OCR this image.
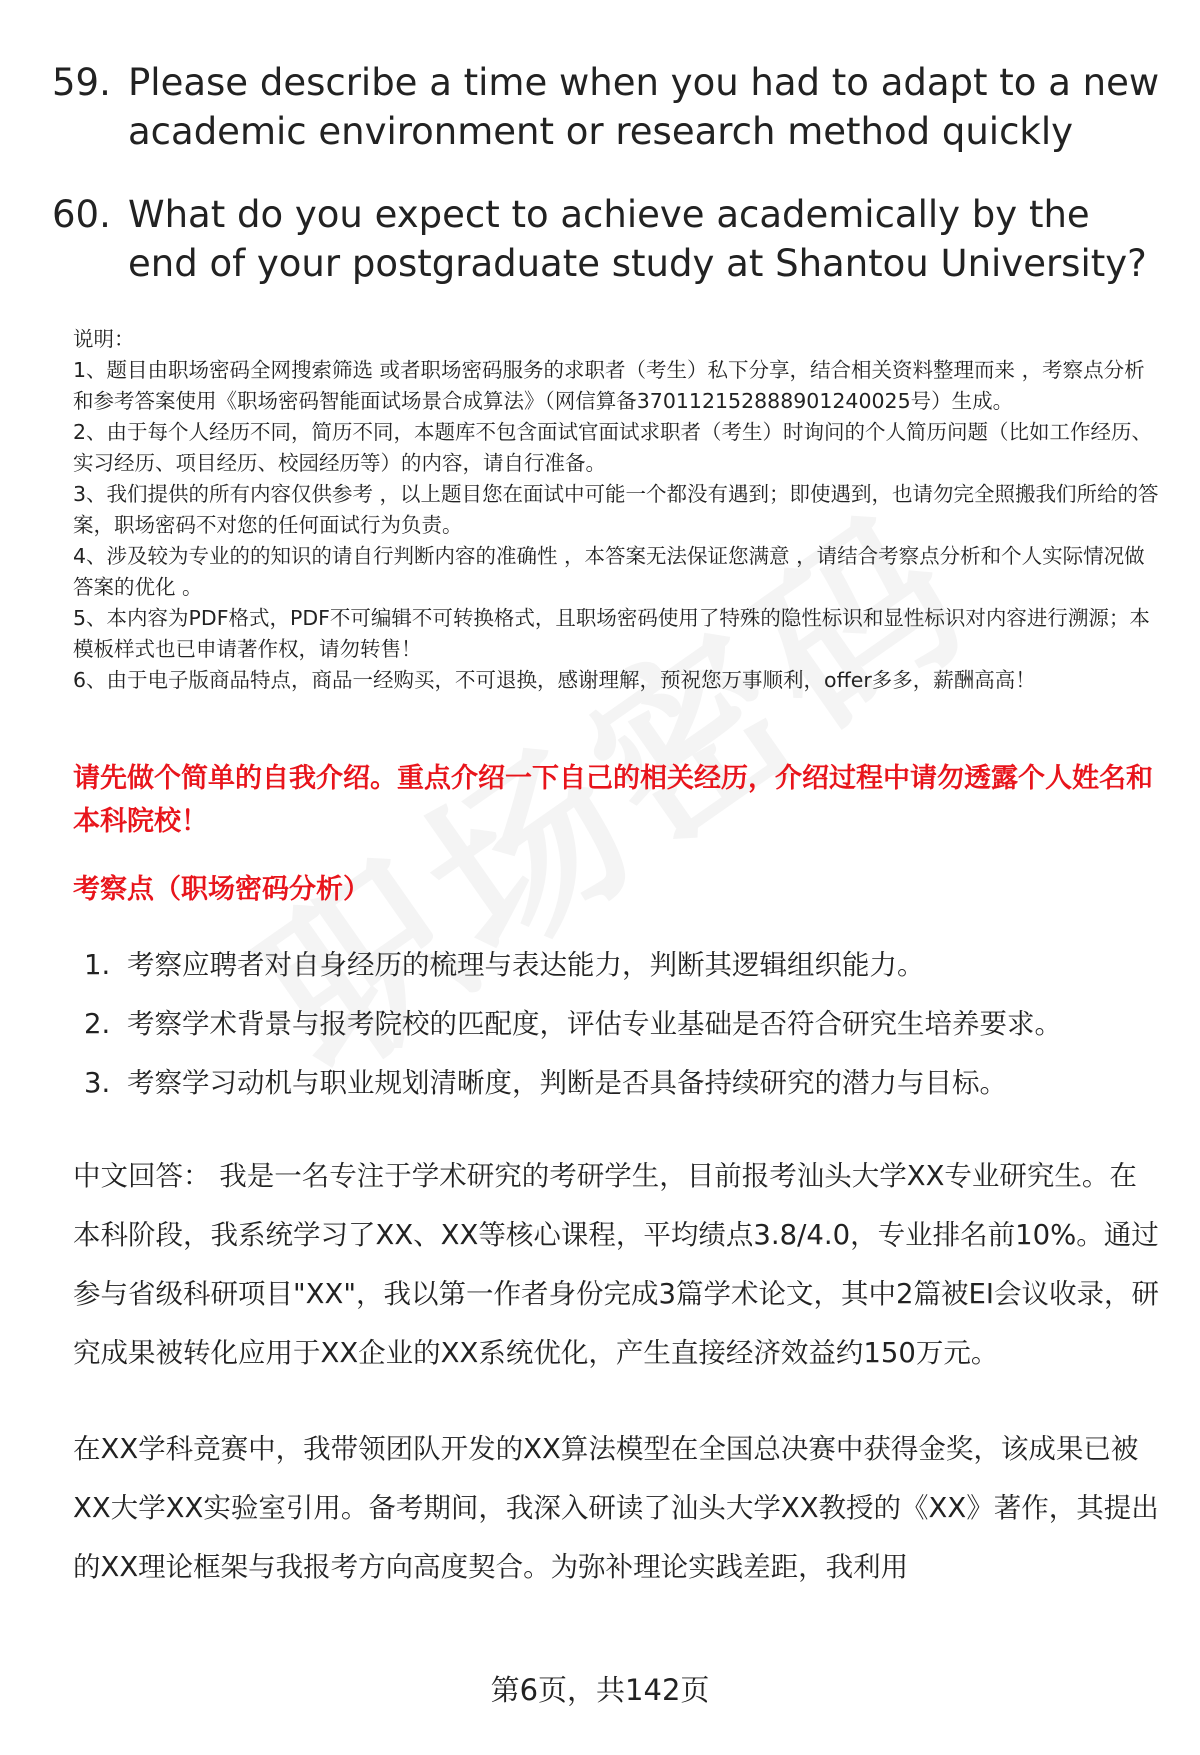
59. Please describe a time when you had to adapt to a new academic environment or research method quickly
60. What do you expect to achieve academically by the end of your postgraduate study at Shantou University?

说明：

1、题目由职场密码全网搜索筛选 或者职场密码服务的求职者（考生）私下分享，结合相关资料整理而来 ，考察点分析和参考答案使用《职场密码智能面试场景合成算法》（网信算备370112152888901240025号）生成。

2、由于每个人经历不同，简历不同，本题库不包含面试官面试求职者（考生）时询问的个人简历问题（比如工作经历、实习经历、项目经历、校园经历等）的内容，请自行准备。

3、我们提供的所有内容仅供参考 ，以上题目您在面试中可能一个都没有遇到；即使遇到，也请勿完全照搬我们所给的答案，职场密码不对您的任何面试行为负责。

4、涉及较为专业的的知识的请自行判断内容的准确性 ，本答案无法保证您满意 ，请结合考察点分析和个人实际情况做答案的优化 。

5、本内容为PDF格式，PDF不可编辑不可转换格式，且职场密码使用了特殊的隐性标识和显性标识对内容进行溯源；本模板样式也已申请著作权，请勿转售！

6、由于电子版商品特点，商品一经购买，不可退换，感谢理解，预祝您万事顺利，offer多多，薪酬高高！

请先做个简单的自我介绍。重点介绍一下自己的相关经历，介绍过程中请勿透露个人姓名和本科院校！
考察点（职场密码分析）
1. 考察应聘者对自身经历的梳理与表达能力，判断其逻辑组织能力。
2. 考察学术背景与报考院校的匹配度，评估专业基础是否符合研究生培养要求。
3. 考察学习动机与职业规划清晰度，判断是否具备持续研究的潜力与目标。

中文回答： 我是一名专注于学术研究的考研学生，目前报考汕头大学XX专业研究生。在本科阶段，我系统学习了XX、XX等核心课程，平均绩点3.8/4.0，专业排名前10%。通过参与省级科研项目"XX"，我以第一作者身份完成3篇学术论文，其中2篇被EI会议收录，研究成果被转化应用于XX企业的XX系统优化，产生直接经济效益约150万元。

在XX学科竞赛中，我带领团队开发的XX算法模型在全国总决赛中获得金奖，该成果已被XX大学XX实验室引用。备考期间，我深入研读了汕头大学XX教授的《XX》著作，其提出的XX理论框架与我报考方向高度契合。为弥补理论实践差距，我利用

第6页，共142页
